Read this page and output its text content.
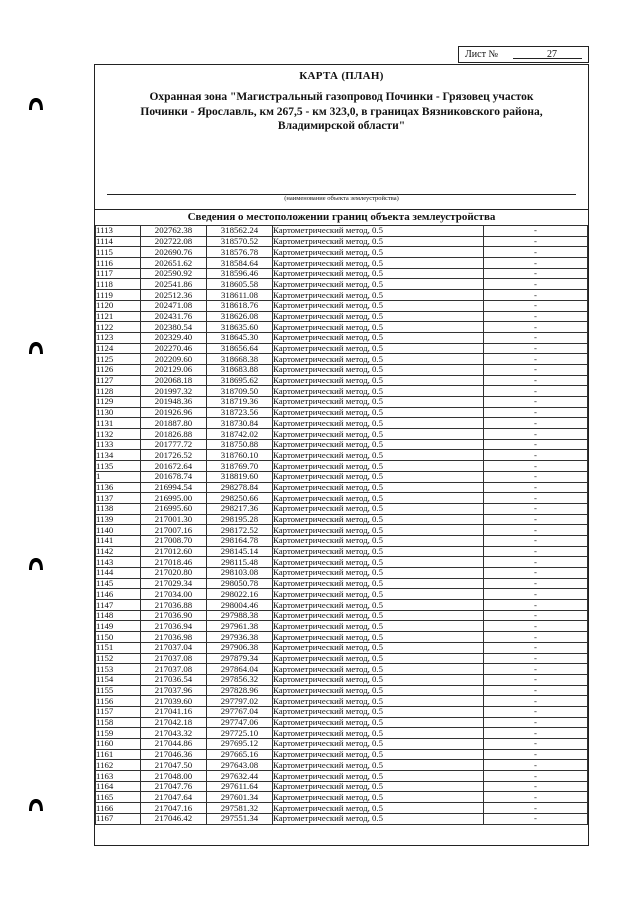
Лист №	27
КАРТА (ПЛАН)
Охранная зона "Магистральный газопровод Починки - Грязовец участок
Починки - Ярославль, км 267,5 - км 323,0, в границах Вязниковского района,
Владимирской области"
(наименование объекта землеустройства)
Сведения о местоположении границ объекта землеустройства
1113	202762.38	318562.24	Картометрический метод, 0.5	-
1114	202722.08	318570.52	Картометрический метод, 0.5	-
1115	202690.76	318576.78	Картометрический метод, 0.5	-
1116	202651.62	318584.64	Картометрический метод, 0.5	-
1117	202590.92	318596.46	Картометрический метод, 0.5	-
1118	202541.86	318605.58	Картометрический метод, 0.5	-
1119	202512.36	318611.08	Картометрический метод, 0.5	-
1120	202471.08	318618.76	Картометрический метод, 0.5	-
1121	202431.76	318626.08	Картометрический метод, 0.5	-
1122	202380.54	318635.60	Картометрический метод, 0.5	-
1123	202329.40	318645.30	Картометрический метод, 0.5	-
1124	202270.46	318656.64	Картометрический метод, 0.5	-
1125	202209.60	318668.38	Картометрический метод, 0.5	-
1126	202129.06	318683.88	Картометрический метод, 0.5	-
1127	202068.18	318695.62	Картометрический метод, 0.5	-
1128	201997.32	318709.50	Картометрический метод, 0.5	-
1129	201948.36	318719.36	Картометрический метод, 0.5	-
1130	201926.96	318723.56	Картометрический метод, 0.5	-
1131	201887.80	318730.84	Картометрический метод, 0.5	-
1132	201826.88	318742.02	Картометрический метод, 0.5	-
1133	201777.72	318750.88	Картометрический метод, 0.5	-
1134	201726.52	318760.10	Картометрический метод, 0.5	-
1135	201672.64	318769.70	Картометрический метод, 0.5	-
1	201678.74	318819.60	Картометрический метод, 0.5	-
1136	216994.54	298278.84	Картометрический метод, 0.5	-
1137	216995.00	298250.66	Картометрический метод, 0.5	-
1138	216995.60	298217.36	Картометрический метод, 0.5	-
1139	217001.30	298195.28	Картометрический метод, 0.5	-
1140	217007.16	298172.52	Картометрический метод, 0.5	-
1141	217008.70	298164.78	Картометрический метод, 0.5	-
1142	217012.60	298145.14	Картометрический метод, 0.5	-
1143	217018.46	298115.48	Картометрический метод, 0.5	-
1144	217020.80	298103.08	Картометрический метод, 0.5	-
1145	217029.34	298050.78	Картометрический метод, 0.5	-
1146	217034.00	298022.16	Картометрический метод, 0.5	-
1147	217036.88	298004.46	Картометрический метод, 0.5	-
1148	217036.90	297988.38	Картометрический метод, 0.5	-
1149	217036.94	297961.38	Картометрический метод, 0.5	-
1150	217036.98	297936.38	Картометрический метод, 0.5	-
1151	217037.04	297906.38	Картометрический метод, 0.5	-
1152	217037.08	297879.34	Картометрический метод, 0.5	-
1153	217037.08	297864.04	Картометрический метод, 0.5	-
1154	217036.54	297856.32	Картометрический метод, 0.5	-
1155	217037.96	297828.96	Картометрический метод, 0.5	-
1156	217039.60	297797.02	Картометрический метод, 0.5	-
1157	217041.16	297767.04	Картометрический метод, 0.5	-
1158	217042.18	297747.06	Картометрический метод, 0.5	-
1159	217043.32	297725.10	Картометрический метод, 0.5	-
1160	217044.86	297695.12	Картометрический метод, 0.5	-
1161	217046.36	297665.16	Картометрический метод, 0.5	-
1162	217047.50	297643.08	Картометрический метод, 0.5	-
1163	217048.00	297632.44	Картометрический метод, 0.5	-
1164	217047.76	297611.64	Картометрический метод, 0.5	-
1165	217047.64	297601.34	Картометрический метод, 0.5	-
1166	217047.16	297581.32	Картометрический метод, 0.5	-
1167	217046.42	297551.34	Картометрический метод, 0.5	-
